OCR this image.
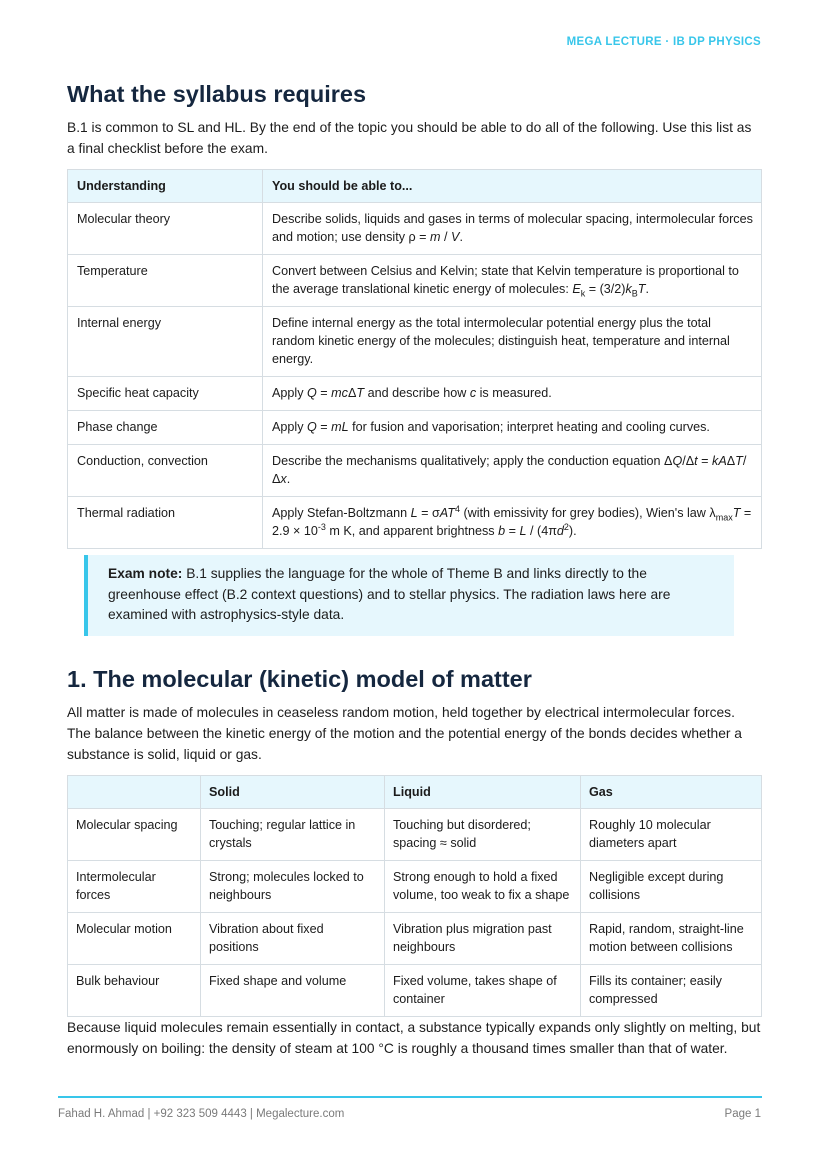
MEGA LECTURE · IB DP PHYSICS
What the syllabus requires

B.1 is common to SL and HL. By the end of the topic you should be able to do all of the following. Use this list as a final checklist before the exam.

Understanding	You should be able to...
Molecular theory	Describe solids, liquids and gases in terms of molecular spacing, intermolecular forces and motion; use density ρ = m / V.
Temperature	Convert between Celsius and Kelvin; state that Kelvin temperature is proportional to the average translational kinetic energy of molecules: $E_k = (3/2)k_BT$.
Internal energy	Define internal energy as the total intermolecular potential energy plus the total random kinetic energy of the molecules; distinguish heat, temperature and internal energy.
Specific heat capacity	Apply Q = mcΔT and describe how c is measured.
Phase change	Apply Q = mL for fusion and vaporisation; interpret heating and cooling curves.
Conduction, convection	Describe the mechanisms qualitatively; apply the conduction equation ΔQ/Δt = kAΔT/Δx.
Thermal radiation	Apply Stefan-Boltzmann L = σAT$^4$ (with emissivity for grey bodies), Wien's law $\lambda_{max}T = 2.9 \times 10^{-3}$ m K, and apparent brightness $b = L / (4\pi d^2)$.
Exam note: B.1 supplies the language for the whole of Theme B and links directly to the greenhouse effect (B.2 context questions) and to stellar physics. The radiation laws here are examined with astrophysics-style data.
1. The molecular (kinetic) model of matter

All matter is made of molecules in ceaseless random motion, held together by electrical intermolecular forces. The balance between the kinetic energy of the motion and the potential energy of the bonds decides whether a substance is solid, liquid or gas.

	Solid	Liquid	Gas
Molecular spacing	Touching; regular lattice in crystals	Touching but disordered; spacing ≈ solid	Roughly 10 molecular diameters apart
Intermolecular forces	Strong; molecules locked to neighbours	Strong enough to hold a fixed volume, too weak to fix a shape	Negligible except during collisions
Molecular motion	Vibration about fixed positions	Vibration plus migration past neighbours	Rapid, random, straight-line motion between collisions
Bulk behaviour	Fixed shape and volume	Fixed volume, takes shape of container	Fills its container; easily compressed

Because liquid molecules remain essentially in contact, a substance typically expands only slightly on melting, but enormously on boiling: the density of steam at 100 °C is roughly a thousand times smaller than that of water.

Fahad H. Ahmad | +92 323 509 4443 | Megalecture.com	Page 1
